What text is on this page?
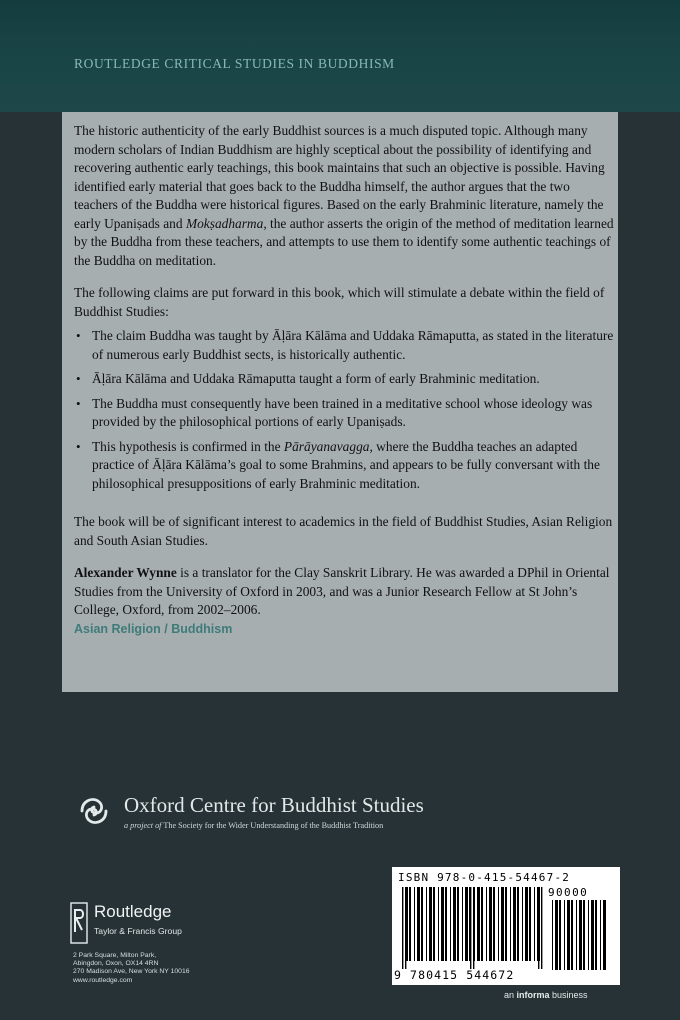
ROUTLEDGE CRITICAL STUDIES IN BUDDHISM

The historic authenticity of the early Buddhist sources is a much disputed topic. Although many modern scholars of Indian Buddhism are highly sceptical about the possibility of identifying and recovering authentic early teachings, this book maintains that such an objective is possible. Having identified early material that goes back to the Buddha himself, the author argues that the two teachers of the Buddha were historical figures. Based on the early Brahminic literature, namely the early Upaniṣads and Mokṣadharma, the author asserts the origin of the method of meditation learned by the Buddha from these teachers, and attempts to use them to identify some authentic teachings of the Buddha on meditation.

The following claims are put forward in this book, which will stimulate a debate within the field of Buddhist Studies:

• The claim Buddha was taught by Āḷāra Kālāma and Uddaka Rāmaputta, as stated in the literature of numerous early Buddhist sects, is historically authentic.
• Āḷāra Kālāma and Uddaka Rāmaputta taught a form of early Brahminic meditation.
• The Buddha must consequently have been trained in a meditative school whose ideology was provided by the philosophical portions of early Upaniṣads.
• This hypothesis is confirmed in the Pārāyanavagga, where the Buddha teaches an adapted practice of Āḷāra Kālāma’s goal to some Brahmins, and appears to be fully conversant with the philosophical presuppositions of early Brahminic meditation.

The book will be of significant interest to academics in the field of Buddhist Studies, Asian Religion and South Asian Studies.

Alexander Wynne is a translator for the Clay Sanskrit Library. He was awarded a DPhil in Oriental Studies from the University of Oxford in 2003, and was a Junior Research Fellow at St John’s College, Oxford, from 2002–2006.

Asian Religion / Buddhism

Oxford Centre for Buddhist Studies
a project of The Society for the Wider Understanding of the Buddhist Tradition
Routledge
Taylor & Francis Group
2 Park Square, Milton Park,
Abingdon, Oxon, OX14 4RN
270 Madison Ave, New York NY 10016
www.routledge.com
ISBN 978-0-415-54467-2
90000
9 780415 544672
an informa business
